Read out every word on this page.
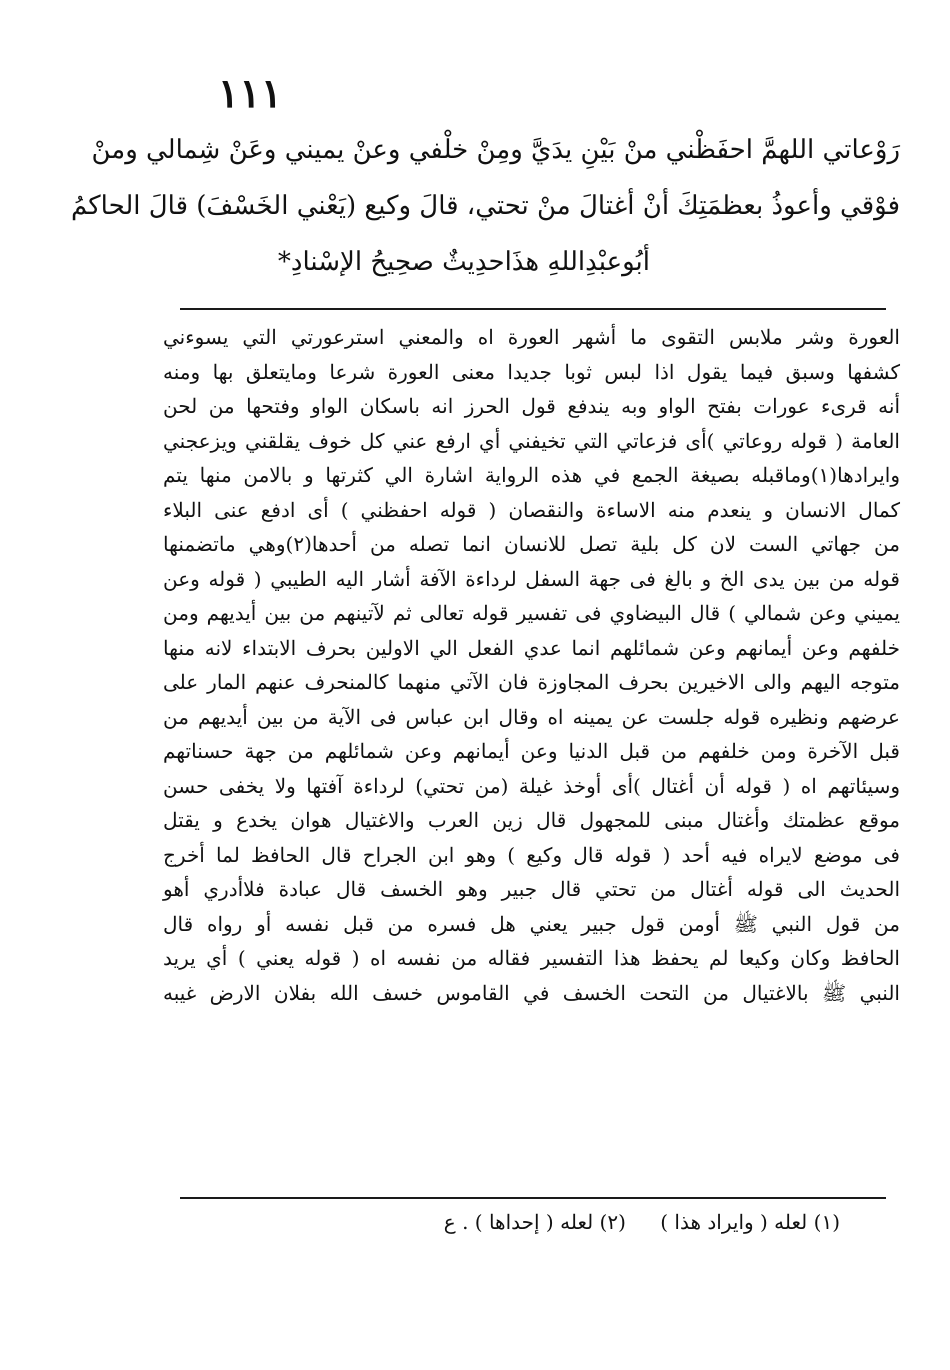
١١١
رَوْعاتي اللهمَّ احفَظْني منْ بَيْنِ يدَيَّ ومِنْ خلْفي وعنْ يميني وعَنْ شِمالي ومنْ
فوْقي وأعوذُ بعظمَتِكَ أنْ أغتالَ منْ تحتي، قالَ وكيع (يَعْني الخَسْفَ) قالَ الحاكمُ
أبُوعبْدِاللهِ هذَاحدِيثٌ صحِيحُ الإسْنادِ*
العورة وشر ملابس التقوى ما أشهر العورة اه والمعني استرعورتي التي يسوءني
كشفها وسبق فيما يقول اذا لبس ثوبا جديدا معنى العورة شرعا ومايتعلق بها ومنه
أنه قرىء عورات بفتح الواو وبه يندفع قول الحرز انه باسكان الواو وفتحها من لحن
العامة ( قوله روعاتي )أى فزعاتي التي تخيفني أي ارفع عني كل خوف يقلقني ويزعجني
وايرادها(١)وماقبله بصيغة الجمع في هذه الرواية اشارة الي كثرتها و بالامن منها يتم
كمال الانسان و ينعدم منه الاساءة والنقصان ( قوله احفظني ) أى ادفع عنى البلاء
من جهاتي الست لان كل بلية تصل للانسان انما تصله من أحدها(٢)وهي ماتضمنها
قوله من بين يدى الخ و بالغ فى جهة السفل لرداءة الآفة أشار اليه الطيبي ( قوله وعن
يميني وعن شمالي ) قال البيضاوي فى تفسير قوله تعالى ثم لآتينهم من بين أيديهم ومن
خلفهم وعن أيمانهم وعن شمائلهم انما عدي الفعل الي الاولين بحرف الابتداء لانه منها
متوجه اليهم والى الاخيرين بحرف المجاوزة فان الآتي منهما كالمنحرف عنهم المار على
عرضهم ونظيره قوله جلست عن يمينه اه وقال ابن عباس فى الآية من بين أيديهم من
قبل الآخرة ومن خلفهم من قبل الدنيا وعن أيمانهم وعن شمائلهم من جهة حسناتهم
وسيئاتهم اه ( قوله أن أغتال )أى أوخذ غيلة (من تحتي) لرداءة آفتها ولا يخفى حسن
موقع عظمتك وأغتال مبنى للمجهول قال زين العرب والاغتيال هوان يخدع و يقتل
فى موضع لايراه فيه أحد ( قوله قال وكيع ) وهو ابن الجراح قال الحافظ لما أخرج
الحديث الى قوله أغتال من تحتي قال جبير وهو الخسف قال عبادة فلاأدري أهو
من قول النبي ﷺ أومن قول جبير يعني هل فسره من قبل نفسه أو رواه قال
الحافظ وكان وكيعا لم يحفظ هذا التفسير فقاله من نفسه اه ( قوله يعني ) أي يريد
النبي ﷺ بالاغتيال من التحت الخسف في القاموس خسف الله بفلان الارض غيبه
(١) لعله ( وايراد هذا ) (٢) لعله ( إحداها ) . ع
